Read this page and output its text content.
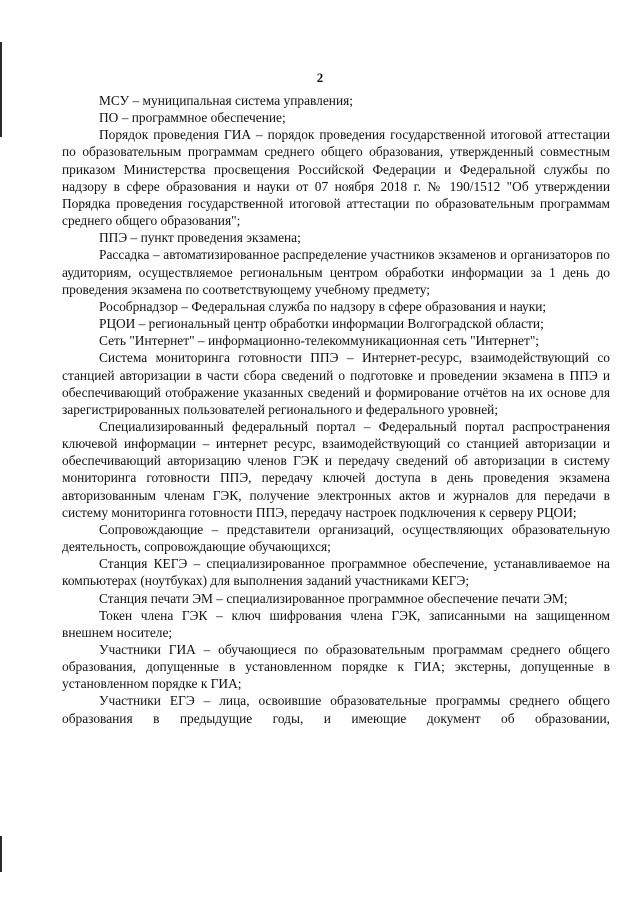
2

МСУ – муниципальная система управления;

ПО – программное обеспечение;

Порядок проведения ГИА – порядок проведения государственной итоговой аттестации по образовательным программам среднего общего образования, утвержденный совместным приказом Министерства просвещения Российской Федерации и Федеральной службы по надзору в сфере образования и науки от 07 ноября 2018 г. № 190/1512 "Об утверждении Порядка проведения государственной итоговой аттестации по образовательным программам среднего общего образования";

ППЭ – пункт проведения экзамена;

Рассадка – автоматизированное распределение участников экзаменов и организаторов по аудиториям, осуществляемое региональным центром обработки информации за 1 день до проведения экзамена по соответствующему учебному предмету;

Рособрнадзор – Федеральная служба по надзору в сфере образования и науки;

РЦОИ – региональный центр обработки информации Волгоградской области;

Сеть "Интернет" – информационно-телекоммуникационная сеть "Интернет";

Система мониторинга готовности ППЭ – Интернет-ресурс, взаимодействующий со станцией авторизации в части сбора сведений о подготовке и проведении экзамена в ППЭ и обеспечивающий отображение указанных сведений и формирование отчётов на их основе для зарегистрированных пользователей регионального и федерального уровней;

Специализированный федеральный портал – Федеральный портал распространения ключевой информации – интернет ресурс, взаимодействующий со станцией авторизации и обеспечивающий авторизацию членов ГЭК и передачу сведений об авторизации в систему мониторинга готовности ППЭ, передачу ключей доступа в день проведения экзамена авторизованным членам ГЭК, получение электронных актов и журналов для передачи в систему мониторинга готовности ППЭ, передачу настроек подключения к серверу РЦОИ;

Сопровождающие – представители организаций, осуществляющих образовательную деятельность, сопровождающие обучающихся;

Станция КЕГЭ – специализированное программное обеспечение, устанавливаемое на компьютерах (ноутбуках) для выполнения заданий участниками КЕГЭ;

Станция печати ЭМ – специализированное программное обеспечение печати ЭМ;

Токен члена ГЭК – ключ шифрования члена ГЭК, записанными на защищенном внешнем носителе;

Участники ГИА – обучающиеся по образовательным программам среднего общего образования, допущенные в установленном порядке к ГИА; экстерны, допущенные в установленном порядке к ГИА;

Участники ЕГЭ – лица, освоившие образовательные программы среднего общего образования в предыдущие годы, и имеющие документ об образовании,
